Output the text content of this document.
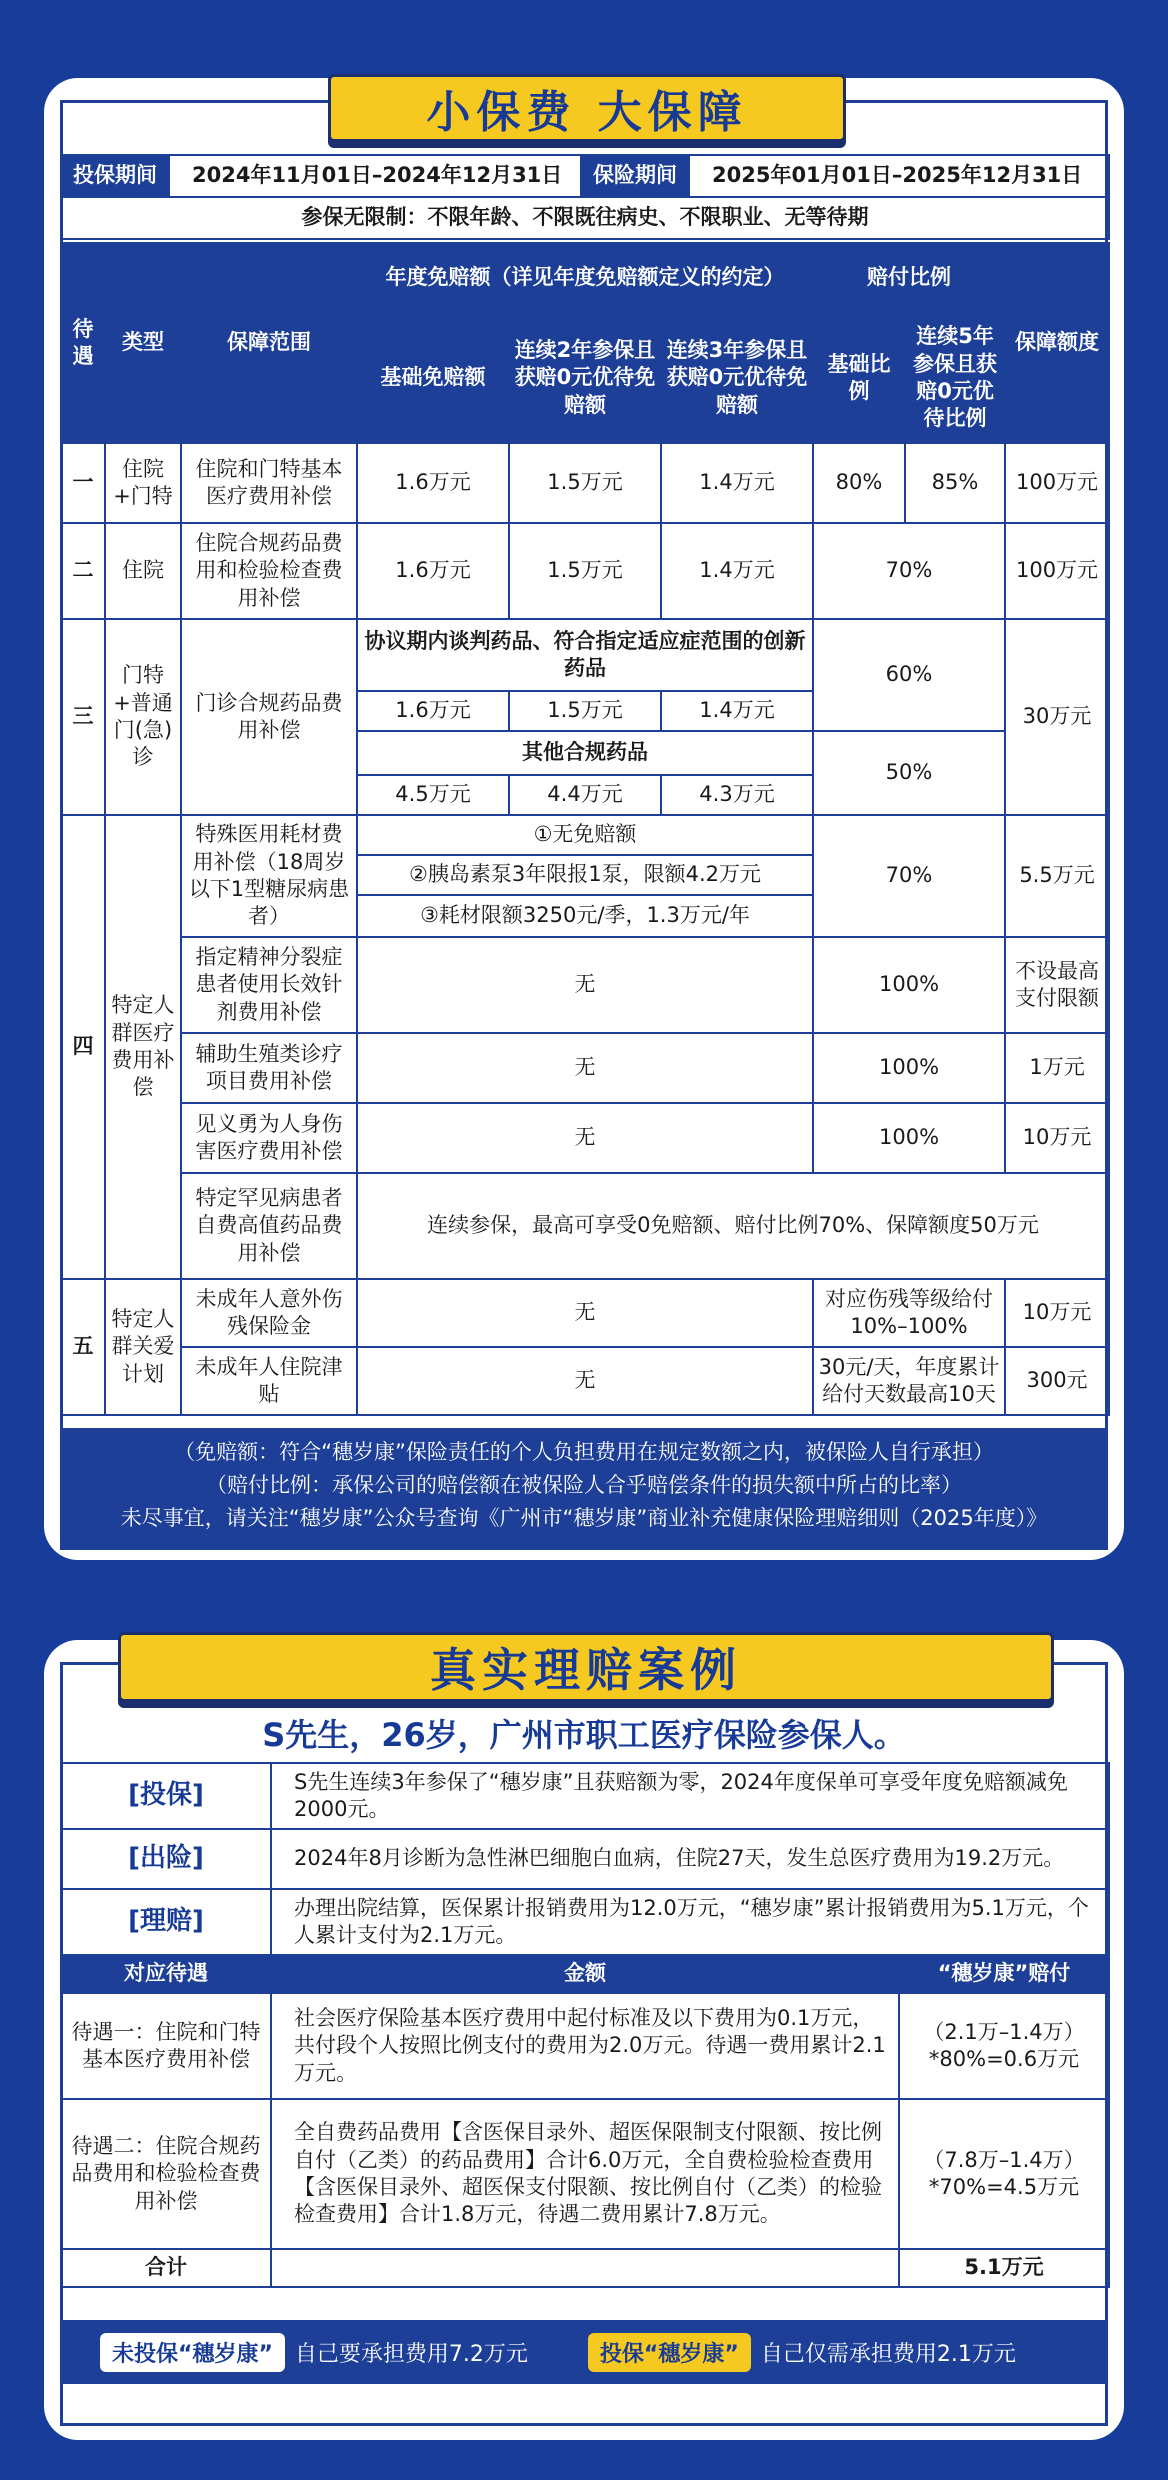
小保费 大保障
投保期间	2024年11月01日–2024年12月31日	保险期间	2025年01月01日–2025年12月31日
参保无限制：不限年龄、不限既往病史、不限职业、无等待期
待遇	类型	保障范围	年度免赔额（详见年度免赔额定义的约定）			赔付比例		保障额度
			基础免赔额	连续2年参保且获赔0元优待免赔额	连续3年参保且获赔0元优待免赔额	基础比例	连续5年参保且获赔0元优待比例	
一	住院+门特	住院和门特基本医疗费用补偿	1.6万元	1.5万元	1.4万元	80%	85%	100万元
二	住院	住院合规药品费用和检验检查费用补偿	1.6万元	1.5万元	1.4万元	70%		100万元
三	门特+普通门(急)诊	门诊合规药品费用补偿	协议期内谈判药品、符合指定适应症范围的创新药品			60%		30万元
			1.6万元	1.5万元	1.4万元			
			其他合规药品			50%		
			4.5万元	4.4万元	4.3万元			
四	特定人群医疗费用补偿	特殊医用耗材费用补偿（18周岁以下1型糖尿病患者）	①无免赔额			70%		5.5万元
			②胰岛素泵3年限报1泵，限额4.2万元					
			③耗材限额3250元/季，1.3万元/年					
		指定精神分裂症患者使用长效针剂费用补偿	无			100%		不设最高支付限额
		辅助生殖类诊疗项目费用补偿	无			100%		1万元
		见义勇为人身伤害医疗费用补偿	无			100%		10万元
		特定罕见病患者自费高值药品费用补偿	连续参保，最高可享受0免赔额、赔付比例70%、保障额度50万元					
五	特定人群关爱计划	未成年人意外伤残保险金	无			对应伤残等级给付10%–100%		10万元
		未成年人住院津贴	无			30元/天，年度累计给付天数最高10天		300元
（免赔额：符合“穗岁康”保险责任的个人负担费用在规定数额之内，被保险人自行承担）
（赔付比例：承保公司的赔偿额在被保险人合乎赔偿条件的损失额中所占的比率）
未尽事宜，请关注“穗岁康”公众号查询《广州市“穗岁康”商业补充健康保险理赔细则（2025年度）》
真实理赔案例
S先生，26岁，广州市职工医疗保险参保人。
[投保]	S先生连续3年参保了“穗岁康”且获赔额为零，2024年度保单可享受年度免赔额减免2000元。	
[出险]	2024年8月诊断为急性淋巴细胞白血病，住院27天，发生总医疗费用为19.2万元。	
[理赔]	办理出院结算，医保累计报销费用为12.0万元，“穗岁康”累计报销费用为5.1万元，个人累计支付为2.1万元。	
对应待遇	金额	“穗岁康”赔付
待遇一：住院和门特基本医疗费用补偿	社会医疗保险基本医疗费用中起付标准及以下费用为0.1万元，共付段个人按照比例支付的费用为2.0万元。待遇一费用累计2.1万元。	（2.1万–1.4万）*80%=0.6万元
待遇二：住院合规药品费用和检验检查费用补偿	全自费药品费用【含医保目录外、超医保限制支付限额、按比例自付（乙类）的药品费用】合计6.0万元，全自费检验检查费用【含医保目录外、超医保支付限额、按比例自付（乙类）的检验检查费用】合计1.8万元，待遇二费用累计7.8万元。	（7.8万–1.4万）*70%=4.5万元
合计		5.1万元
未投保“穗岁康”	自己要承担费用7.2万元	投保“穗岁康”	自己仅需承担费用2.1万元
